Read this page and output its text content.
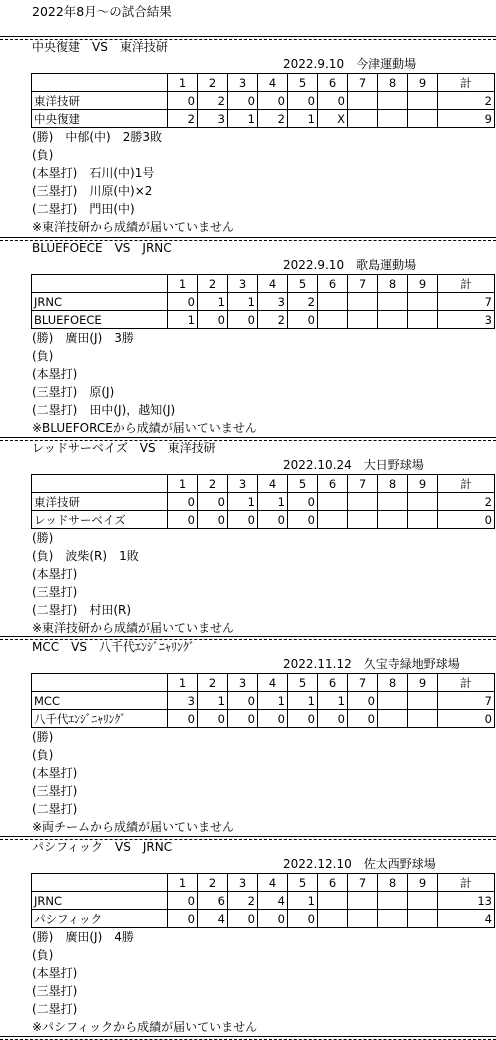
2022年8月～の試合結果
中央復建　VS　東洋技研
2022.9.10　今津運動場
	1	2	3	4	5	6	7	8	9	計
東洋技研	0	2	0	0	0	0				2
中央復建	2	3	1	2	1	X				9
(勝)　中郁(中)　2勝3敗
(負)
(本塁打)　石川(中)1号
(三塁打)　川原(中)×2
(二塁打)　門田(中)
※東洋技研から成績が届いていません
BLUEFOECE　VS　JRNC
2022.9.10　歌島運動場
	1	2	3	4	5	6	7	8	9	計
JRNC	0	1	1	3	2					7
BLUEFOECE	1	0	0	2	0					3
(勝)　廣田(J)　3勝
(負)
(本塁打)
(三塁打)　原(J)
(二塁打)　田中(J)，越知(J)
※BLUEFORCEから成績が届いていません
レッドサーベイズ　VS　東洋技研
2022.10.24　大日野球場
	1	2	3	4	5	6	7	8	9	計
東洋技研	0	0	1	1	0					2
レッドサーベイズ	0	0	0	0	0					0
(勝)
(負)　波柴(R)　1敗
(本塁打)
(三塁打)
(二塁打)　村田(R)
※東洋技研から成績が届いていません
MCC　VS　八千代ｴﾝｼﾞﾆｬﾘﾝｸﾞ
2022.11.12　久宝寺緑地野球場
	1	2	3	4	5	6	7	8	9	計
MCC	3	1	0	1	1	1	0			7
八千代ｴﾝｼﾞﾆｬﾘﾝｸﾞ	0	0	0	0	0	0	0			0
(勝)
(負)
(本塁打)
(三塁打)
(二塁打)
※両チームから成績が届いていません
パシフィック　VS　JRNC
2022.12.10　佐太西野球場
	1	2	3	4	5	6	7	8	9	計
JRNC	0	6	2	4	1					13
パシフィック	0	4	0	0	0					4
(勝)　廣田(J)　4勝
(負)
(本塁打)
(三塁打)
(二塁打)
※パシフィックから成績が届いていません
